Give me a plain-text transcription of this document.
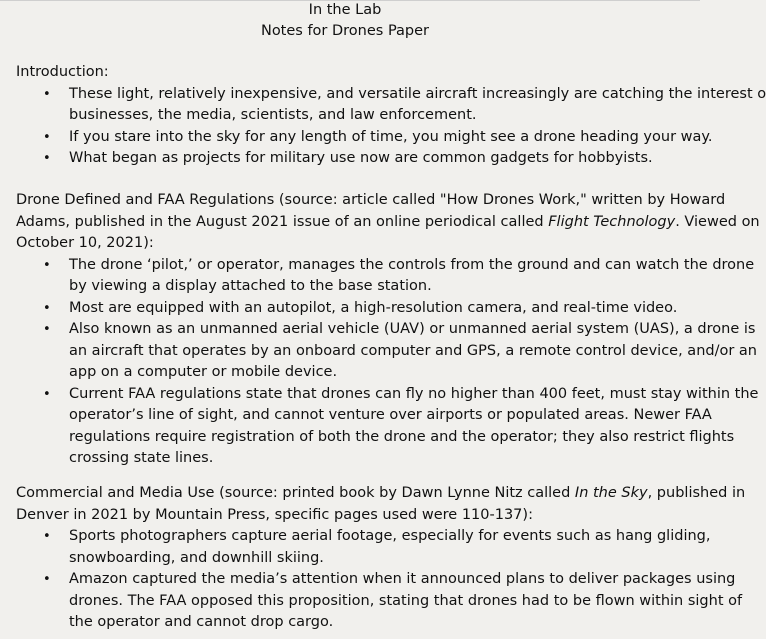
In the Lab
Notes for Drones Paper
Introduction:
• These light, relatively inexpensive, and versatile aircraft increasingly are catching the interest o
businesses, the media, scientists, and law enforcement.
• If you stare into the sky for any length of time, you might see a drone heading your way.
• What began as projects for military use now are common gadgets for hobbyists.
Drone Defined and FAA Regulations (source: article called "How Drones Work," written by Howard
Adams, published in the August 2021 issue of an online periodical called Flight Technology. Viewed on
October 10, 2021):
• The drone ‘pilot,’ or operator, manages the controls from the ground and can watch the drone
by viewing a display attached to the base station.
• Most are equipped with an autopilot, a high-resolution camera, and real-time video.
• Also known as an unmanned aerial vehicle (UAV) or unmanned aerial system (UAS), a drone is
an aircraft that operates by an onboard computer and GPS, a remote control device, and/or an
app on a computer or mobile device.
• Current FAA regulations state that drones can fly no higher than 400 feet, must stay within the
operator’s line of sight, and cannot venture over airports or populated areas. Newer FAA
regulations require registration of both the drone and the operator; they also restrict flights
crossing state lines.
Commercial and Media Use (source: printed book by Dawn Lynne Nitz called In the Sky, published in
Denver in 2021 by Mountain Press, specific pages used were 110-137):
• Sports photographers capture aerial footage, especially for events such as hang gliding,
snowboarding, and downhill skiing.
• Amazon captured the media’s attention when it announced plans to deliver packages using
drones. The FAA opposed this proposition, stating that drones had to be flown within sight of
the operator and cannot drop cargo.
